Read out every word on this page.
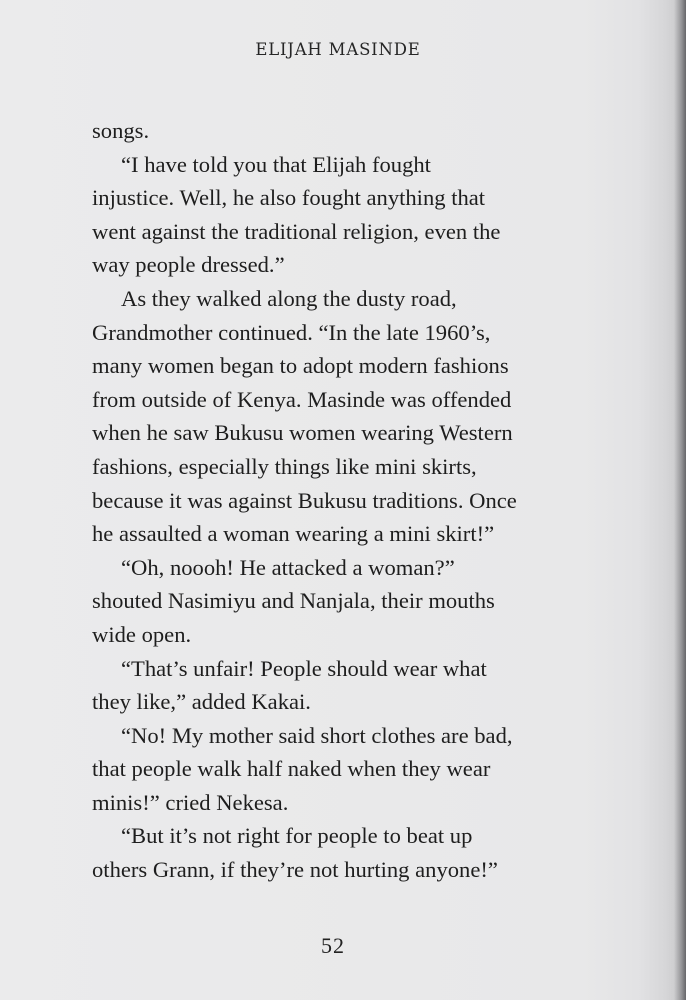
ELIJAH MASINDE

songs.

“I have told you that Elijah fought

injustice. Well, he also fought anything that

went against the traditional religion, even the

way people dressed.”

As they walked along the dusty road,

Grandmother continued. “In the late 1960’s,

many women began to adopt modern fashions

from outside of Kenya. Masinde was offended

when he saw Bukusu women wearing Western

fashions, especially things like mini skirts,

because it was against Bukusu traditions. Once

he assaulted a woman wearing a mini skirt!”

“Oh, noooh! He attacked a woman?”

shouted Nasimiyu and Nanjala, their mouths

wide open.

“That’s unfair! People should wear what

they like,” added Kakai.

“No! My mother said short clothes are bad,

that people walk half naked when they wear

minis!” cried Nekesa.

“But it’s not right for people to beat up

others Grann, if they’re not hurting anyone!”

52
